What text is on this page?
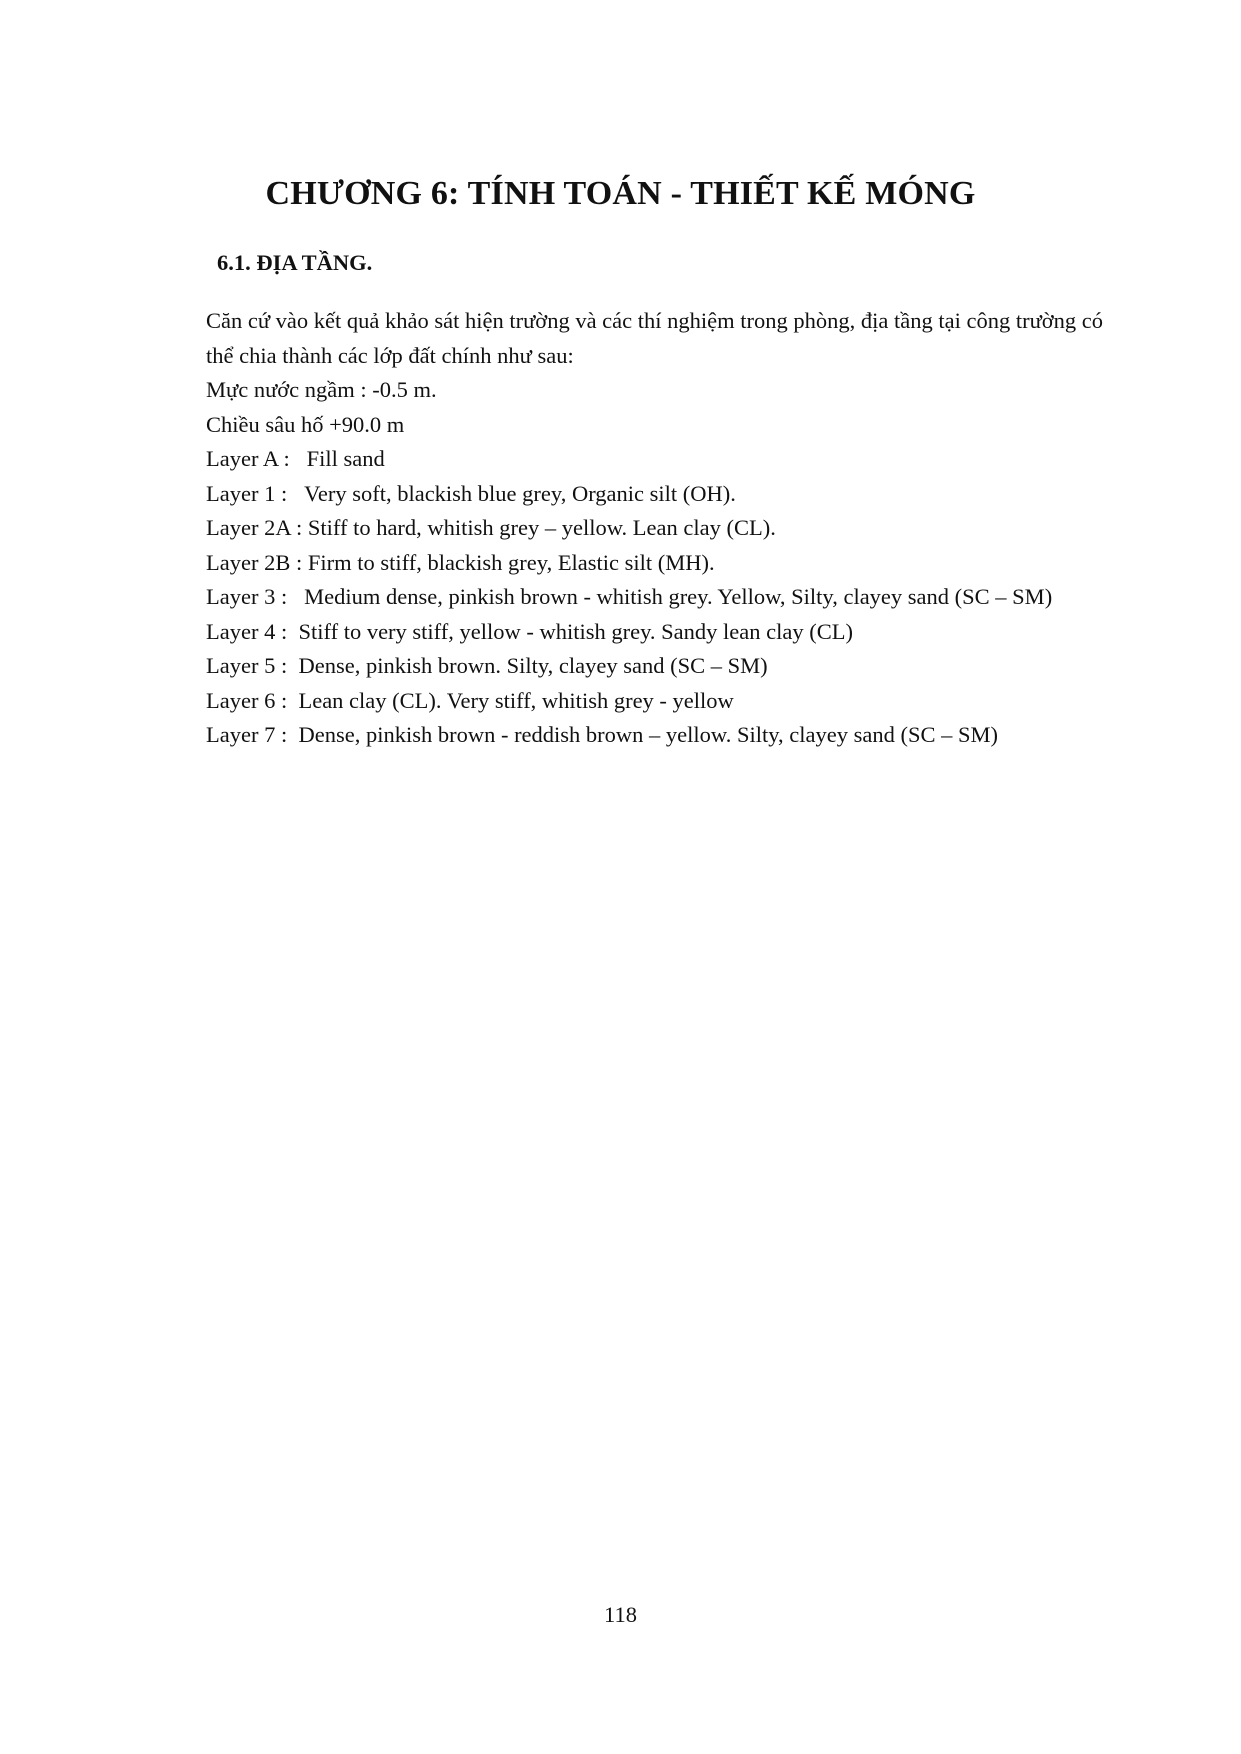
CHƯƠNG 6: TÍNH TOÁN - THIẾT KẾ MÓNG
6.1. ĐỊA TẦNG.

Căn cứ vào kết quả khảo sát hiện trường và các thí nghiệm trong phòng, địa tầng tại công trường có thể chia thành các lớp đất chính như sau:

Mực nước ngầm : -0.5 m.

Chiều sâu hố +90.0 m

Layer A : Fill sand

Layer 1 : Very soft, blackish blue grey, Organic silt (OH).

Layer 2A : Stiff to hard, whitish grey – yellow. Lean clay (CL).

Layer 2B : Firm to stiff, blackish grey, Elastic silt (MH).

Layer 3 :   Medium dense, pinkish brown - whitish grey. Yellow, Silty, clayey sand (SC – SM)

Layer 4 : Stiff to very stiff, yellow - whitish grey. Sandy lean clay (CL)

Layer 5 : Dense, pinkish brown. Silty, clayey sand (SC – SM)

Layer 6 : Lean clay (CL). Very stiff, whitish grey - yellow

Layer 7 : Dense, pinkish brown - reddish brown – yellow. Silty, clayey sand (SC – SM)

118
